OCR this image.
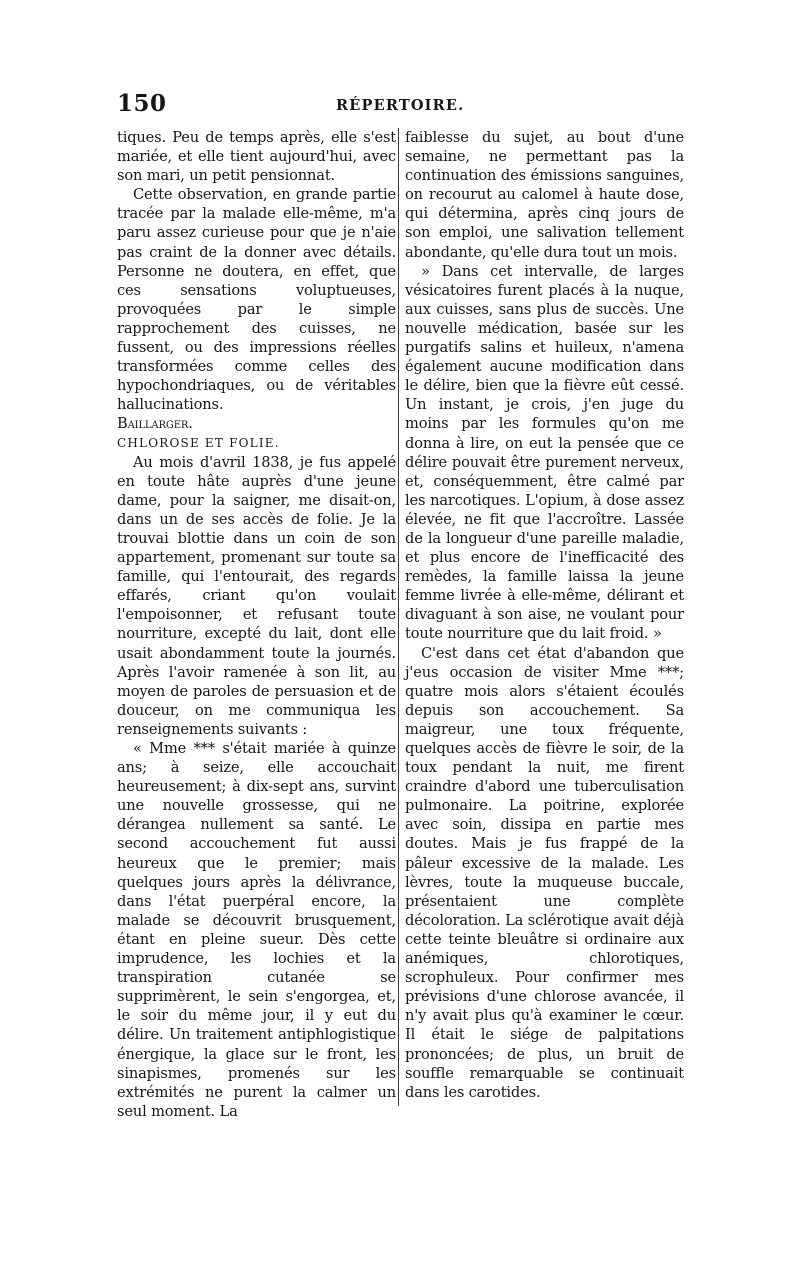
150	RÉPERTOIRE.

tiques. Peu de temps après, elle s'est mariée, et elle tient aujourd'hui, avec son mari, un petit pensionnat.

Cette observation, en grande partie tracée par la malade elle-même, m'a paru assez curieuse pour que je n'aie pas craint de la donner avec détails. Personne ne doutera, en effet, que ces sensations voluptueuses, provoquées par le simple rapprochement des cuisses, ne fussent, ou des impressions réelles transformées comme celles des hypochondriaques, ou de véritables hallucinations.

Baillarger.

CHLOROSE ET FOLIE.

Au mois d'avril 1838, je fus appelé en toute hâte auprès d'une jeune dame, pour la saigner, me disait-on, dans un de ses accès de folie. Je la trouvai blottie dans un coin de son appartement, promenant sur toute sa famille, qui l'entourait, des regards effarés, criant qu'on voulait l'empoisonner, et refusant toute nourriture, excepté du lait, dont elle usait abondamment toute la journés. Après l'avoir ramenée à son lit, au moyen de paroles de persuasion et de douceur, on me communiqua les renseignements suivants :

« Mme *** s'était mariée à quinze ans; à seize, elle accouchait heureusement; à dix-sept ans, survint une nouvelle grossesse, qui ne dérangea nullement sa santé. Le second accouchement fut aussi heureux que le premier; mais quelques jours après la délivrance, dans l'état puerpéral encore, la malade se découvrit brusquement, étant en pleine sueur. Dès cette imprudence, les lochies et la transpiration cutanée se supprimèrent, le sein s'engorgea, et, le soir du même jour, il y eut du délire. Un traitement antiphlogistique énergique, la glace sur le front, les sinapismes, promenés sur les extrémités ne purent la calmer un seul moment. La

faiblesse du sujet, au bout d'une semaine, ne permettant pas la continuation des émissions sanguines, on recourut au calomel à haute dose, qui détermina, après cinq jours de son emploi, une salivation tellement abondante, qu'elle dura tout un mois.

» Dans cet intervalle, de larges vésicatoires furent placés à la nuque, aux cuisses, sans plus de succès. Une nouvelle médication, basée sur les purgatifs salins et huileux, n'amena également aucune modification dans le délire, bien que la fièvre eût cessé. Un instant, je crois, j'en juge du moins par les formules qu'on me donna à lire, on eut la pensée que ce délire pouvait être purement nerveux, et, conséquemment, être calmé par les narcotiques. L'opium, à dose assez élevée, ne fit que l'accroître. Lassée de la longueur d'une pareille maladie, et plus encore de l'inefficacité des remèdes, la famille laissa la jeune femme livrée à elle-même, délirant et divaguant à son aise, ne voulant pour toute nourriture que du lait froid. »

C'est dans cet état d'abandon que j'eus occasion de visiter Mme ***; quatre mois alors s'étaient écoulés depuis son accouchement. Sa maigreur, une toux fréquente, quelques accès de fièvre le soir, de la toux pendant la nuit, me firent craindre d'abord une tuberculisation pulmonaire. La poitrine, explorée avec soin, dissipa en partie mes doutes. Mais je fus frappé de la pâleur excessive de la malade. Les lèvres, toute la muqueuse buccale, présentaient une complète décoloration. La sclérotique avait déjà cette teinte bleuâtre si ordinaire aux anémiques, chlorotiques, scrophuleux. Pour confirmer mes prévisions d'une chlorose avancée, il n'y avait plus qu'à examiner le cœur. Il était le siége de palpitations prononcées; de plus, un bruit de souffle remarquable se continuait dans les carotides.
